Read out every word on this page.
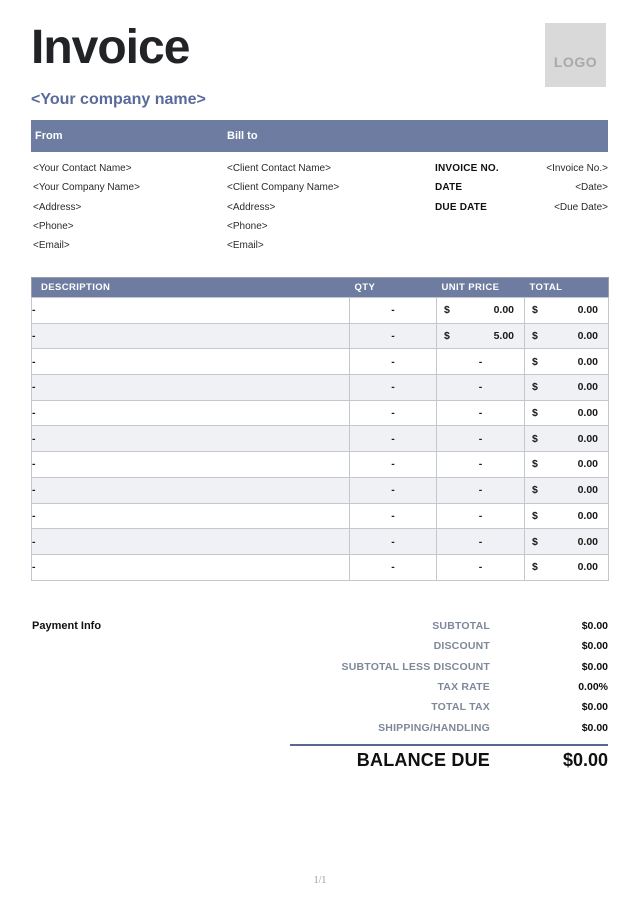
Invoice	LOGO
<Your company name>
From	Bill to
<Your Contact Name>	<Client Contact Name>	INVOICE NO.	<Invoice No.>
<Your Company Name>	<Client Company Name>	DATE	<Date>
<Address>	<Address>	DUE DATE	<Due Date>
<Phone>	<Phone>
<Email>	<Email>
DESCRIPTION	QTY	UNIT PRICE	TOTAL
-	-	$ 0.00	$ 0.00

-	-	$ 5.00	$ 0.00

-	-	-	$ 0.00

-	-	-	$ 0.00

-	-	-	$ 0.00

-	-	-	$ 0.00

-	-	-	$ 0.00

-	-	-	$ 0.00

-	-	-	$ 0.00

-	-	-	$ 0.00

-	-	-	$ 0.00
Payment Info	SUBTOTAL	$0.00
DISCOUNT	$0.00
SUBTOTAL LESS DISCOUNT	$0.00
TAX RATE	0.00%
TOTAL TAX	$0.00
SHIPPING/HANDLING	$0.00
BALANCE DUE	$0.00
1/1
